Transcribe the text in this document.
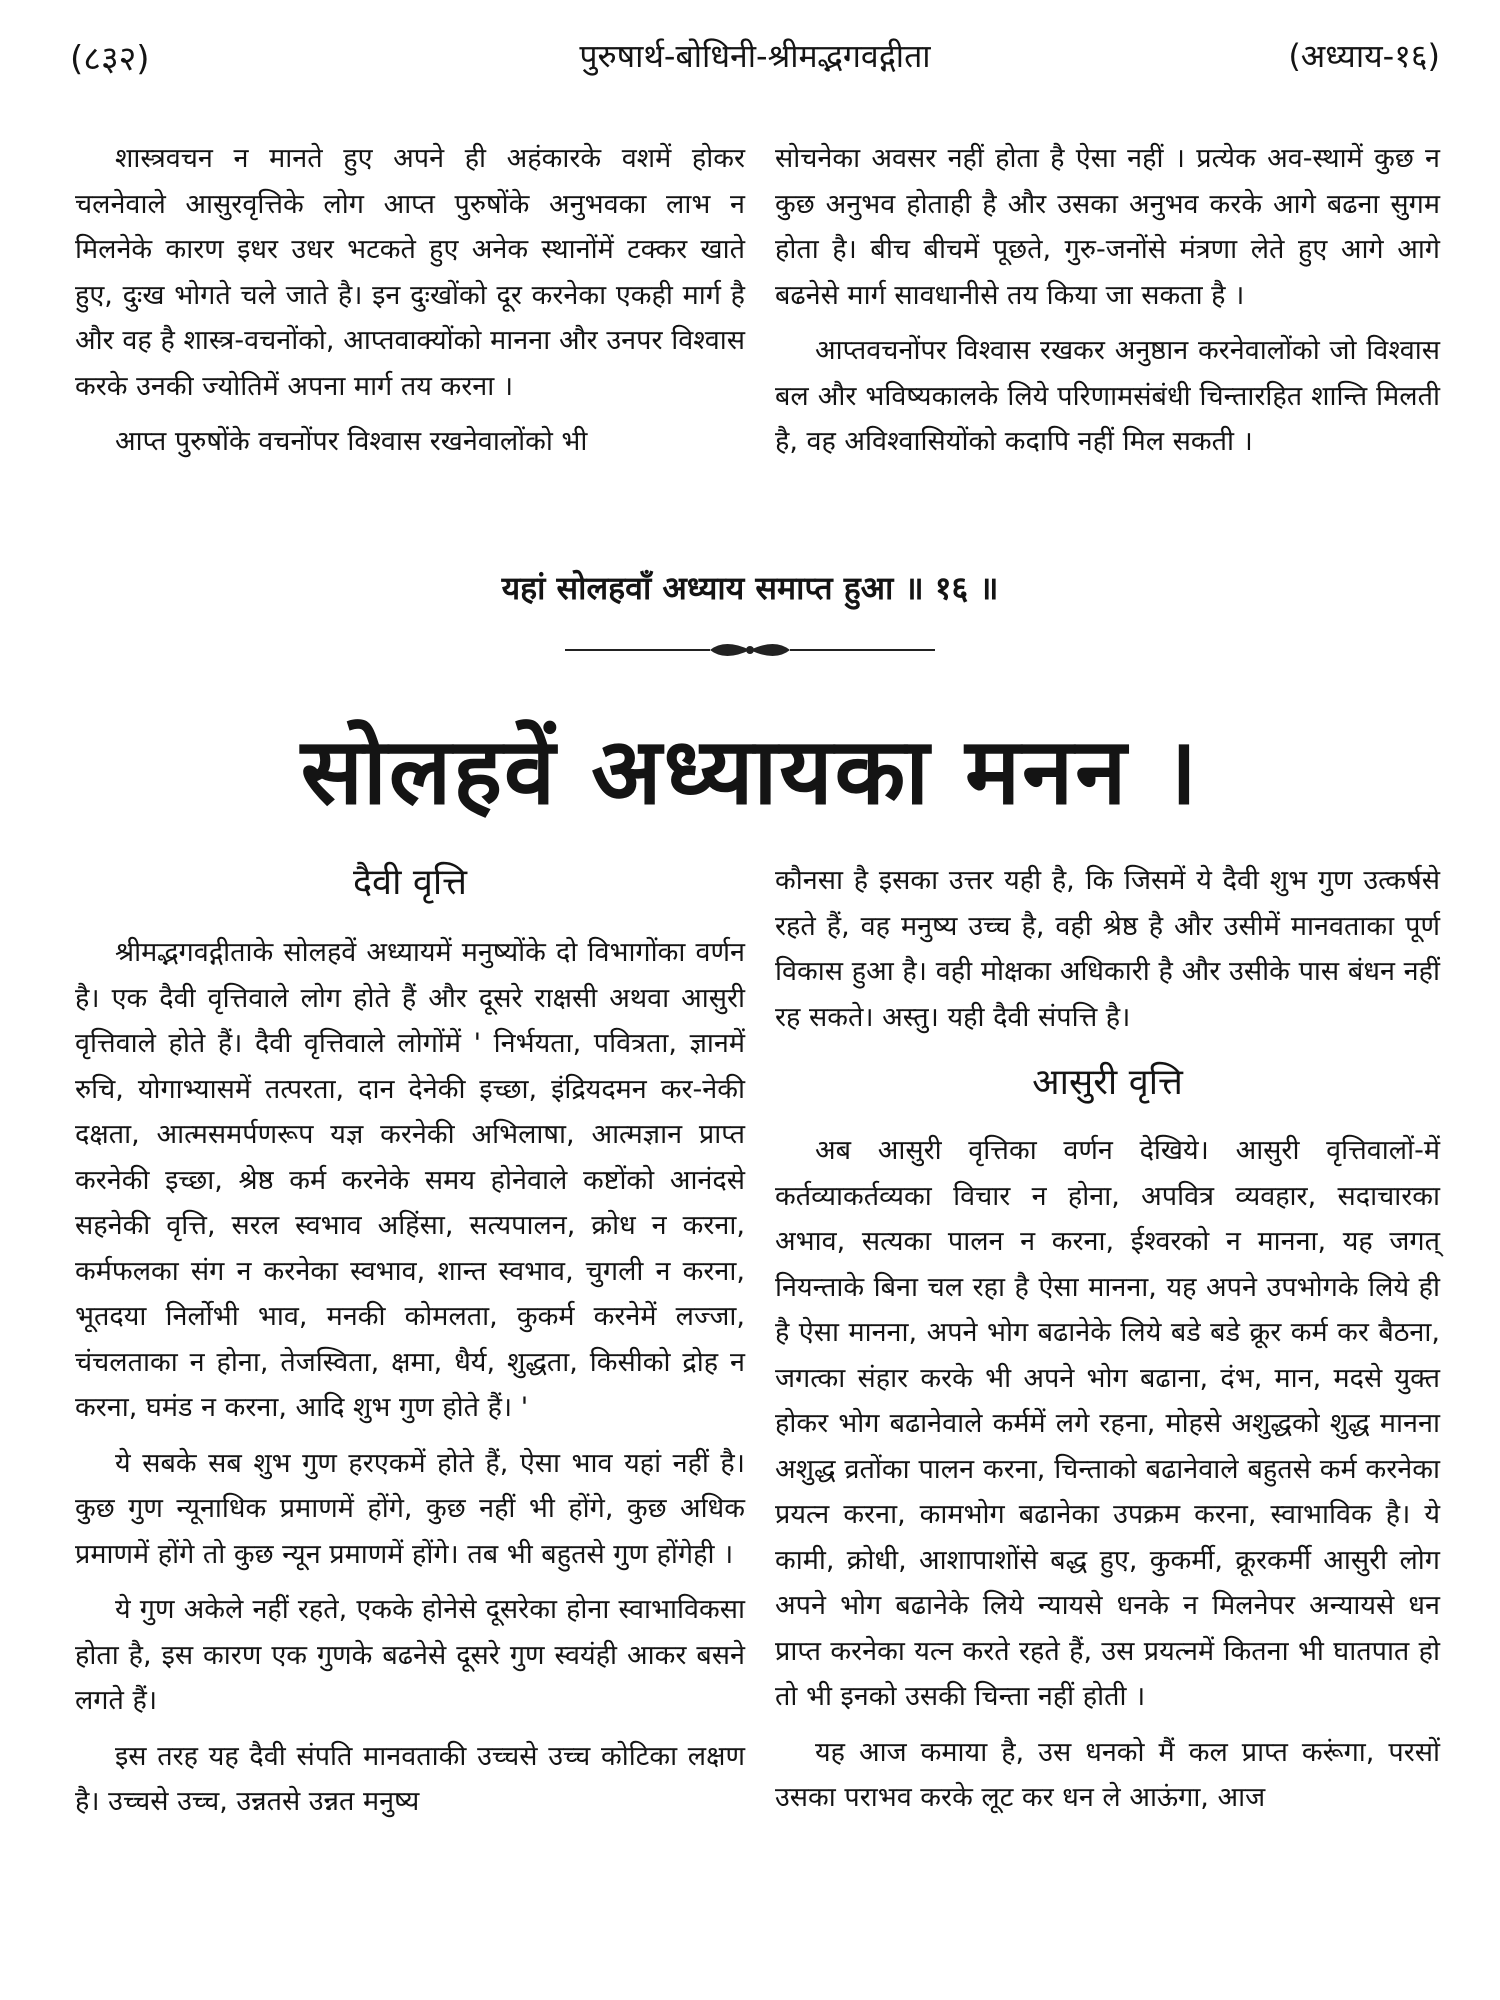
(८३२)	पुरुषार्थ-बोधिनी-श्रीमद्भगवद्गीता	(अध्याय-१६)

शास्त्रवचन न मानते हुए अपने ही अहंकारके वशमें होकर चलनेवाले आसुरवृत्तिके लोग आप्त पुरुषोंके अनुभवका लाभ न मिलनेके कारण इधर उधर भटकते हुए अनेक स्थानोंमें टक्कर खाते हुए, दुःख भोगते चले जाते है। इन दुःखोंको दूर करनेका एकही मार्ग है और वह है शास्त्र-वचनोंको, आप्तवाक्योंको मानना और उनपर विश्वास करके उनकी ज्योतिमें अपना मार्ग तय करना ।

आप्त पुरुषोंके वचनोंपर विश्वास रखनेवालोंको भी

सोचनेका अवसर नहीं होता है ऐसा नहीं । प्रत्येक अव-स्थामें कुछ न कुछ अनुभव होताही है और उसका अनुभव करके आगे बढना सुगम होता है। बीच बीचमें पूछते, गुरु-जनोंसे मंत्रणा लेते हुए आगे आगे बढनेसे मार्ग सावधानीसे तय किया जा सकता है ।

आप्तवचनोंपर विश्वास रखकर अनुष्ठान करनेवालोंको जो विश्वास बल और भविष्यकालके लिये परिणामसंबंधी चिन्तारहित शान्ति मिलती है, वह अविश्वासियोंको कदापि नहीं मिल सकती ।

यहां सोलहवाँ अध्याय समाप्त हुआ ॥ १६ ॥
सोलहवें अध्यायका मनन ।
दैवी वृत्ति

श्रीमद्भगवद्गीताके सोलहवें अध्यायमें मनुष्योंके दो विभागोंका वर्णन है। एक दैवी वृत्तिवाले लोग होते हैं और दूसरे राक्षसी अथवा आसुरी वृत्तिवाले होते हैं। दैवी वृत्तिवाले लोगोंमें ' निर्भयता, पवित्रता, ज्ञानमें रुचि, योगाभ्यासमें तत्परता, दान देनेकी इच्छा, इंद्रियदमन कर-नेकी दक्षता, आत्मसमर्पणरूप यज्ञ करनेकी अभिलाषा, आत्मज्ञान प्राप्त करनेकी इच्छा, श्रेष्ठ कर्म करनेके समय होनेवाले कष्टोंको आनंदसे सहनेकी वृत्ति, सरल स्वभाव अहिंसा, सत्यपालन, क्रोध न करना, कर्मफलका संग न करनेका स्वभाव, शान्त स्वभाव, चुगली न करना, भूतदया निर्लोभी भाव, मनकी कोमलता, कुकर्म करनेमें लज्जा, चंचलताका न होना, तेजस्विता, क्षमा, धैर्य, शुद्धता, किसीको द्रोह न करना, घमंड न करना, आदि शुभ गुण होते हैं। '

ये सबके सब शुभ गुण हरएकमें होते हैं, ऐसा भाव यहां नहीं है। कुछ गुण न्यूनाधिक प्रमाणमें होंगे, कुछ नहीं भी होंगे, कुछ अधिक प्रमाणमें होंगे तो कुछ न्यून प्रमाणमें होंगे। तब भी बहुतसे गुण होंगेही ।

ये गुण अकेले नहीं रहते, एकके होनेसे दूसरेका होना स्वाभाविकसा होता है, इस कारण एक गुणके बढनेसे दूसरे गुण स्वयंही आकर बसने लगते हैं।

इस तरह यह दैवी संपति मानवताकी उच्चसे उच्च कोटिका लक्षण है। उच्चसे उच्च, उन्नतसे उन्नत मनुष्य

कौनसा है इसका उत्तर यही है, कि जिसमें ये दैवी शुभ गुण उत्कर्षसे रहते हैं, वह मनुष्य उच्च है, वही श्रेष्ठ है और उसीमें मानवताका पूर्ण विकास हुआ है। वही मोक्षका अधिकारी है और उसीके पास बंधन नहीं रह सकते। अस्तु। यही दैवी संपत्ति है।

आसुरी वृत्ति

अब आसुरी वृत्तिका वर्णन देखिये। आसुरी वृत्तिवालों-में कर्तव्याकर्तव्यका विचार न होना, अपवित्र व्यवहार, सदाचारका अभाव, सत्यका पालन न करना, ईश्वरको न मानना, यह जगत् नियन्ताके बिना चल रहा है ऐसा मानना, यह अपने उपभोगके लिये ही है ऐसा मानना, अपने भोग बढानेके लिये बडे बडे क्रूर कर्म कर बैठना, जगत्का संहार करके भी अपने भोग बढाना, दंभ, मान, मदसे युक्त होकर भोग बढानेवाले कर्ममें लगे रहना, मोहसे अशुद्धको शुद्ध मानना अशुद्ध व्रतोंका पालन करना, चिन्ताको बढानेवाले बहुतसे कर्म करनेका प्रयत्न करना, कामभोग बढानेका उपक्रम करना, स्वाभाविक है। ये कामी, क्रोधी, आशापाशोंसे बद्ध हुए, कुकर्मी, क्रूरकर्मी आसुरी लोग अपने भोग बढानेके लिये न्यायसे धनके न मिलनेपर अन्यायसे धन प्राप्त करनेका यत्न करते रहते हैं, उस प्रयत्नमें कितना भी घातपात हो तो भी इनको उसकी चिन्ता नहीं होती ।

यह आज कमाया है, उस धनको मैं कल प्राप्त करूंगा, परसों उसका पराभव करके लूट कर धन ले आऊंगा, आज
